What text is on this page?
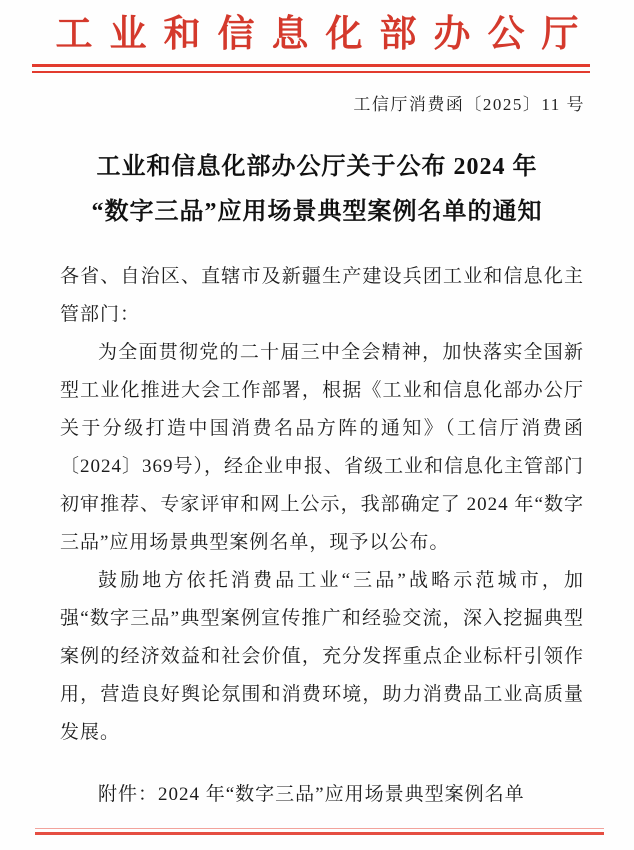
工业和信息化部办公厅
工信厅消费函〔2025〕11 号
工业和信息化部办公厅关于公布 2024 年
“数字三品”应用场景典型案例名单的通知

各省、自治区、直辖市及新疆生产建设兵团工业和信息化主管部门：

为全面贯彻党的二十届三中全会精神，加快落实全国新型工业化推进大会工作部署，根据《工业和信息化部办公厅关于分级打造中国消费名品方阵的通知》（工信厅消费函〔2024〕369号），经企业申报、省级工业和信息化主管部门初审推荐、专家评审和网上公示，我部确定了 2024 年“数字三品”应用场景典型案例名单，现予以公布。

鼓励地方依托消费品工业“三品”战略示范城市，加强“数字三品”典型案例宣传推广和经验交流，深入挖掘典型案例的经济效益和社会价值，充分发挥重点企业标杆引领作用，营造良好舆论氛围和消费环境，助力消费品工业高质量发展。

附件：2024 年“数字三品”应用场景典型案例名单
